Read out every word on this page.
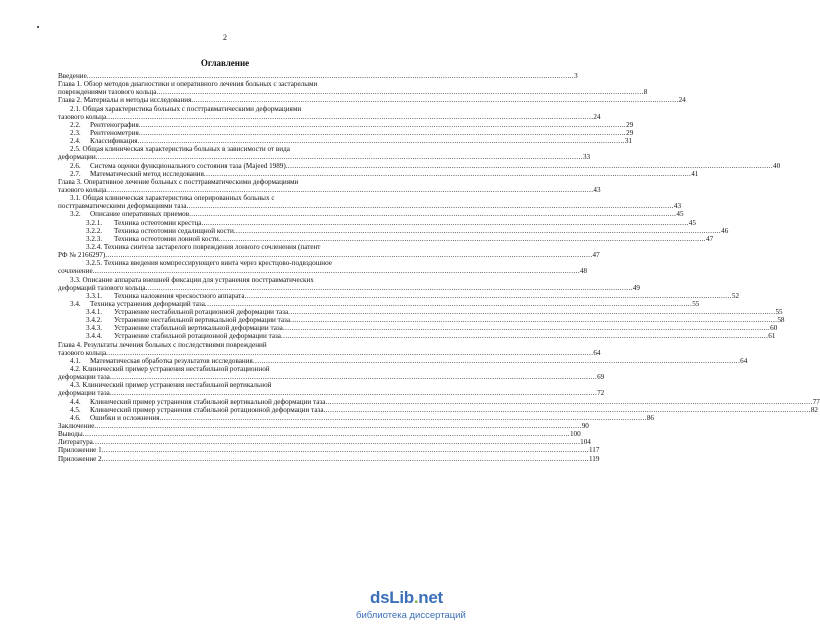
2
Оглавление
Введение .....	3
Глава 1. Обзор методов диагностики и оперативного лечения больных с застарелыми
повреждениями тазового кольца .....	8
Глава 2. Материалы и методы исследования .....	24
2.1. Общая характеристика больных с посттравматическими деформациями
тазового кольца .....	24
2.2.	Рентгенография .....	29
2.3.	Рентгенометрия .....	29
2.4.	Классификация .....	31
2.5. Общая клиническая характеристика больных в зависимости от вида
деформации .....	33
2.6.	Система оценки функционального состояния таза (Majeed 1989) .....	40
2.7.	Математический метод исследования .....	41
Глава 3. Оперативное лечение больных с посттравматическими деформациями
тазового кольца .....	43
3.1. Общая клиническая характеристика оперированных больных с
посттравматическими деформациями таза .....	43
3.2.	Описание оперативных приемов .....	45
3.2.1.	Техника остеотомии крестца .....	45
3.2.2.	Техника остеотомии седалищной кости .....	46
3.2.3.	Техника остеотомии лонной кости .....	47
3.2.4. Техника синтеза застарелого повреждения лонного сочленения (патент
РФ № 2166297) .....	47
3.2.5. Техника введения компрессирующего винта через крестцово-подвздошное
сочленение .....	48
3.3. Описание аппарата внешней фиксации для устранения посттравматических
деформаций тазового кольца .....	49
3.3.1.	Техника наложения чрескостного аппарата .....	52
3.4.	Техника устранения деформаций таза .....	55
3.4.1.	Устранение нестабильной ротационной деформации таза .....	55
3.4.2.	Устранение нестабильной вертикальной деформации таза .....	58
3.4.3.	Устранение стабильной вертикальной деформации таза .....	60
3.4.4.	Устранение стабильной ротационной деформации таза .....	61
Глава 4. Результаты лечения больных с последствиями повреждений
тазового кольца .....	64
4.1.	Математическая обработка результатов исследования .....	64
4.2. Клинический пример устранения нестабильной ротационной
деформации таза .....	69
4.3. Клинический пример устранения нестабильной вертикальной
деформации таза .....	72
4.4.	Клинический пример устранения стабильной вертикальной деформации таза .....	77
4.5.	Клинический пример устранения стабильной ротационной деформации таза .....	82
4.6.	Ошибки и осложнения .....	86
Заключение .....	90
Выводы .....	100
Литература .....	104
Приложение 1 .....	117
Приложение 2 .....	119
dsLib.net
библиотека диссертаций
